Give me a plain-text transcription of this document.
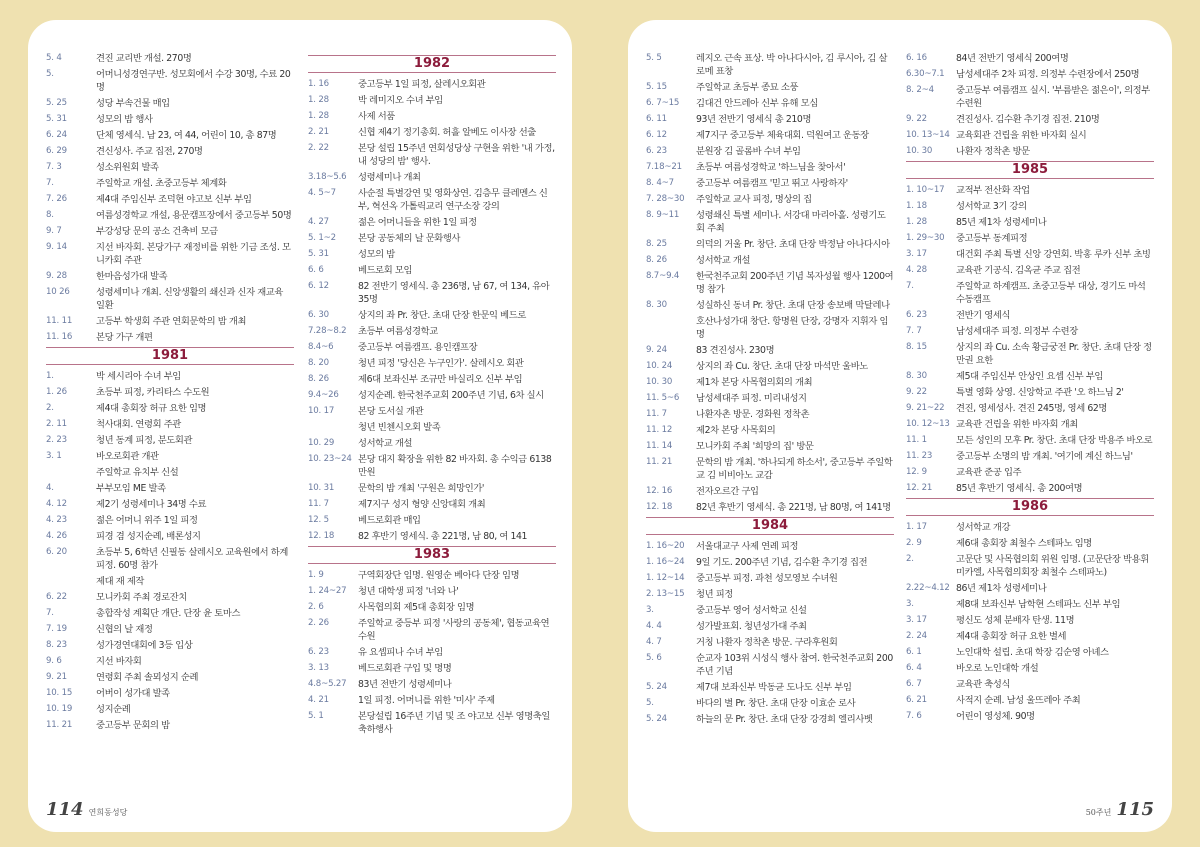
5. 4	견진 교리반 개설. 270명
5.	어머니성경연구반. 성모회에서 수강 30명, 수료 20명
5. 25	성당 부속건물 매입
5. 31	성모의 밤 행사
6. 24	단체 영세식. 남 23, 여 44, 어린이 10, 총 87명
6. 29	견신성사. 주교 집전, 270명
7. 3	성소위원회 발족
7.	주일학교 개설. 초중고등부 체계화
7. 26	제4대 주임신부 조덕현 야고보 신부 부임
8.	여름성경학교 개설, 용문캠프장에서 중고등부 50명
9. 7	부강성당 문의 공소 건축비 모금
9. 14	지선 바자회. 본당가구 재정비를 위한 기금 조성. 모니카회 주관
9. 28	한마음성가대 발족
10 26	성령세미나 개최. 신앙생활의 쇄신과 신자 재교육 일환
11. 11	고등부 학생회 주관 연회문학의 밤 개최
11. 16	본당 가구 개편
1981
1.	박 세시리아 수녀 부임
1. 26	초등부 피정, 카리타스 수도원
2.	제4대 총회장 허규 요한 임명
2. 11	척사대회. 연령회 주관
2. 23	청년 동계 피정, 분도회관
3. 1	바오로회관 개관
주일학교 유치부 신설
4.	부부모임 ME 발족
4. 12	제2기 성령세미나 34명 수료
4. 23	젊은 어머니 위주 1일 피정
4. 26	피경 겸 성지순례, 배론성지
6. 20	초등부 5, 6학년 신필동 살레시오 교육원에서 하계 피정. 60명 참가
제대 재 제작
6. 22	모니카회 주최 경로잔치
7.	총합작성 계획단 개단. 단장 윤 토마스
7. 19	신협의 날 재정
8. 23	성가경연대회에 3등 입상
9. 6	지선 바자회
9. 21	연령회 주최 솔뫼성지 순례
10. 15	어버이 성가대 발족
10. 19	성지순례
11. 21	중고등부 문회의 밤
1982
1. 16	중고등부 1일 피정, 살레시오회관
1. 28	박 레미지오 수녀 부임
1. 28	사제 서품
2. 21	신협 제4기 정기총회. 허흘 알베도 이사장 선출
2. 22	본당 설립 15주년 연회성당상 구현을 위한 '내 가정, 내 성당의 밤' 행사.
3.18~5.6	성령세미나 개최
4. 5~7	사순절 특별강연 및 영화상연. 김층무 클레멘스 신부, 혁선옥 가톨릭교리 연구소장 강의
4. 27	젊은 어머니들을 위한 1일 피정
5. 1~2	본당 공동체의 날 문화행사
5. 31	성모의 밤
6. 6	베드로회 모임
6. 12	82 전반기 영세식. 총 236명, 남 67, 여 134, 유아 35명
6. 30	상지의 좌 Pr. 창단. 초대 단장 한문익 베드로
7.28~8.2	초등부 여름성경학교
8.4~6	중고등부 여름캠프. 용인캠프장
8. 20	청년 피정 '당신은 누구인가'. 살레시오 회관
8. 26	제6대 보좌신부 조규만 바실리오 신부 부임
9.4~26	성지순례. 한국천주교회 200주년 기념, 6차 실시
10. 17	본당 도서실 개관
청년 빈첸시오회 발족
10. 29	성서학교 개설
10. 23~24 본당 대지 확장을 위한 82 바자회. 총 수익금 6138만원
10. 31	문학의 밤 개최 '구원은 희망인가'
11. 7	제7지구 성지 형양 신앙대회 개최
12. 5	베드로회관 매입
12. 18	82 후반기 영세식. 총 221명, 남 80, 여 141
1983
1. 9	구역회장단 임명. 원영순 베아다 단장 임명
1. 24~27	청년 대학생 피정 '너와 나'
2. 6	사목협의회 제5대 총회장 임명
2. 26	주일학교 중등부 피정 '사랑의 공동체', 협동교육연수원
6. 23	유 요셉피나 수녀 부임
3. 13	베드로회관 구입 및 명명
4.8~5.27	83년 전반기 성령세미나
4. 21	1일 피정. 어머니를 위한 '미사' 주제
5. 1	본당설립 16주년 기념 및 조 야고보 신부 영명축일 축하행사
114 연희동성당
5. 5	레지오 근속 표상. 박 아나다시아, 김 루시아, 김 살로메 표창
5. 15	주일학교 초등부 종묘 소풍
6. 7~15	김대건 안드레아 신부 유해 모심
6. 11	93년 전반기 영세식 총 210명
6. 12	제7지구 중고등부 체육대회. 덕원여고 운동장
6. 23	분원장 김 골롬바 수녀 부임
7.18~21	초등부 여름성경학교 '하느님을 찾아서'
8. 4~7	중고등부 여름캠프 '믿고 뛰고 사랑하자'
7. 28~30	주일학교 교사 피정, 명상의 집
8. 9~11	성령쇄신 특별 세미나. 서강대 마리아홀. 성령기도회 주최
8. 25	의덕의 거울 Pr. 창단. 초대 단장 박정남 아나다시아
8. 26	성서학교 개설
8.7~9.4	한국천주교회 200주년 기념 복자성월 행사 1200여 명 참가
8. 30	성실하신 동녀 Pr. 창단. 초대 단장 송보배 막달레나
호산나성가대 창단. 항명원 단장, 강명자 지휘자 임명
9. 24	83 견진성사. 230명
10. 24	상지의 좌 Cu. 창단. 초대 단장 마석만 울바노
10. 30	제1차 본당 사목협의회의 개최
11. 5~6	남성세대주 피정. 미리내성지
11. 7	나환자촌 방문. 경화원 정착촌
11. 12	제2차 본당 사목회의
11. 14	모니카회 주최 '희망의 집' 방문
11. 21	문학의 밤 개최. '하나되게 하소서', 중고등부 주일학교 김 비비아노 교감
12. 16	전자오르간 구입
12. 18	82년 후반기 영세식. 총 221명, 남 80명, 여 141명
1984
1. 16~20	서울대교구 사제 연례 피정
1. 16~24	9일 기도. 200주년 기념, 김수환 추기경 집전
1. 12~14	중고등부 피정. 과천 성모영보 수녀원
2. 13~15	청년 피정
3.	중고등부 영어 성서학교 신설
4. 4	성가발표회. 청년성가대 주최
4. 7	거칭 나환자 정착촌 방문. 구라후원회
5. 6	순교자 103위 시성식 행사 참여. 한국천주교회 200주년 기념
5. 24	제7대 보좌신부 박동균 도나도 신부 부임
5.	바다의 별 Pr. 창단. 초대 단장 이효순 로사
5. 24	하늘의 문 Pr. 창단. 초대 단장 강경희 엘리사벳
6. 16	84년 전반기 영세식 200여명
6.30~7.1	남성세대주 2차 피정. 의정부 수련장에서 250명
8. 2~4	중고등부 여름캠프 실시. '부름받은 젊은이', 의정부 수련원
9. 22	견진성사. 김수환 추기경 집전. 210명
10. 13~14 교육회관 건립을 위한 바자회 실시
10. 30	나환자 정착촌 방문
1985
1. 10~17	교적부 전산화 작업
1. 18	성서학교 3기 강의
1. 28	85년 제1차 성령세미나
1. 29~30	중고등부 동계피정
3. 17	대건회 주최 특별 신앙 강연회. 박홍 루카 신부 초빙
4. 28	교육관 기공식. 김옥균 주교 집전
7.	주일학교 하계캠프. 초중고등부 대상, 경기도 마석 수동캠프
6. 23	전반기 영세식
7. 7	남성세대주 피정. 의정부 수련장
8. 15	상지의 좌 Cu. 소속 황금궁전 Pr. 창단. 초대 단장 정만권 요한
8. 30	제5대 주임신부 안상인 요셉 신부 부임
9. 22	특별 영화 상영. 신앙학교 주관 '오 하느님 2'
9. 21~22	견진, 영세성사. 견진 245명, 영세 62명
10. 12~13 교육관 건립을 위한 바자회 개최
11. 1	모든 성인의 모후 Pr. 창단. 초대 단장 박용주 바오로
11. 23	중고등부 소명의 밤 개최. '여기에 계신 하느님'
12. 9	교육관 준공 입주
12. 21	85년 후반기 영세식. 총 200여명
1986
1. 17	성서학교 개강
2. 9	제6대 총회장 최철수 스테파노 임명
2.	고문단 및 사목협의회 위원 임명. (고문단장 박용휘 미카엘, 사목협의회장 최철수 스테파노)
2.22~4.12 86년 제1차 성령세미나
3.	제8대 보좌신부 남학현 스테파노 신부 부임
3. 17	평신도 성체 분배자 탄생. 11명
2. 24	제4대 총회장 허규 요한 별세
6. 1	노인대학 설립. 초대 학장 김순영 아녜스
6. 4	바오로 노인대학 개설
6. 7	교육관 축성식
6. 21	사적지 순례. 남성 울뜨레아 주최
7. 6	어린이 영성체. 90명
50주년 115
